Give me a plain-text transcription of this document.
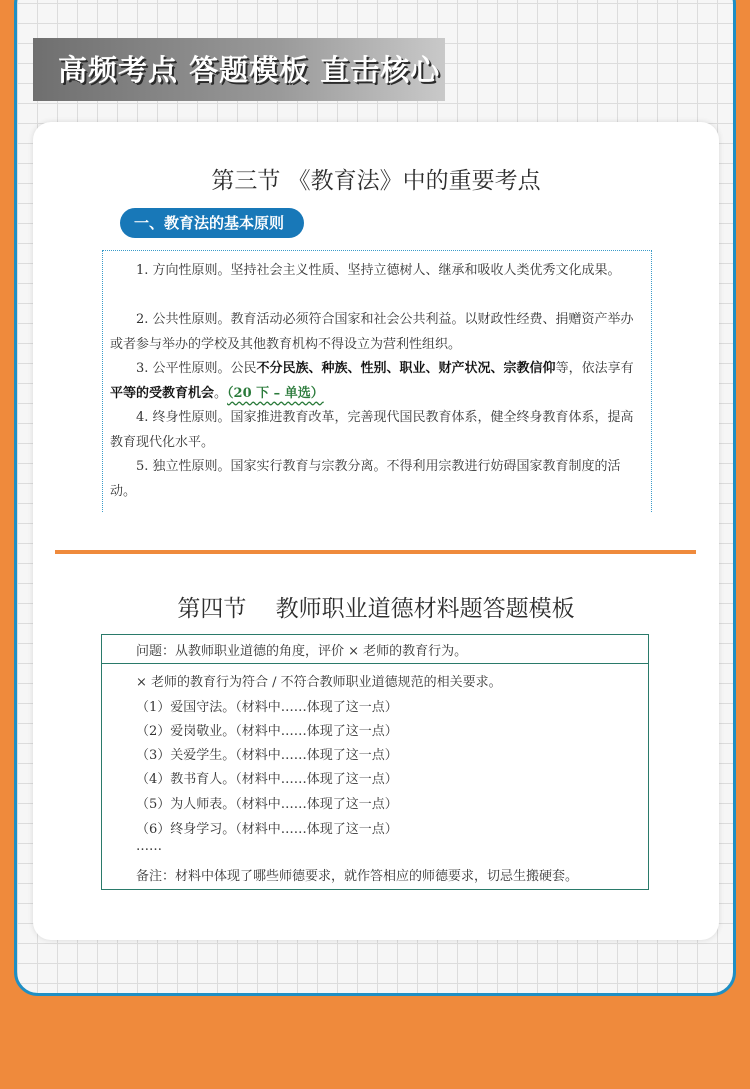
高频考点 答题模板 直击核心
第三节 《教育法》中的重要考点
一、教育法的基本原则

1. 方向性原则。坚持社会主义性质、坚持立德树人、继承和吸收人类优秀文化成果。

2. 公共性原则。教育活动必须符合国家和社会公共利益。以财政性经费、捐赠资产举办或者参与举办的学校及其他教育机构不得设立为营利性组织。

3. 公平性原则。公民不分民族、种族、性别、职业、财产状况、宗教信仰等，依法享有平等的受教育机会。（20 下 – 单选）

4. 终身性原则。国家推进教育改革，完善现代国民教育体系，健全终身教育体系，提高教育现代化水平。

5. 独立性原则。国家实行教育与宗教分离。不得利用宗教进行妨碍国家教育制度的活动。

第四节    教师职业道德材料题答题模板
问题：从教师职业道德的角度，评价 × 老师的教育行为。
× 老师的教育行为符合 / 不符合教师职业道德规范的相关要求。
（1）爱国守法。（材料中……体现了这一点）
（2）爱岗敬业。（材料中……体现了这一点）
（3）关爱学生。（材料中……体现了这一点）
（4）教书育人。（材料中……体现了这一点）
（5）为人师表。（材料中……体现了这一点）
（6）终身学习。（材料中……体现了这一点）
……
备注：材料中体现了哪些师德要求，就作答相应的师德要求，切忌生搬硬套。
